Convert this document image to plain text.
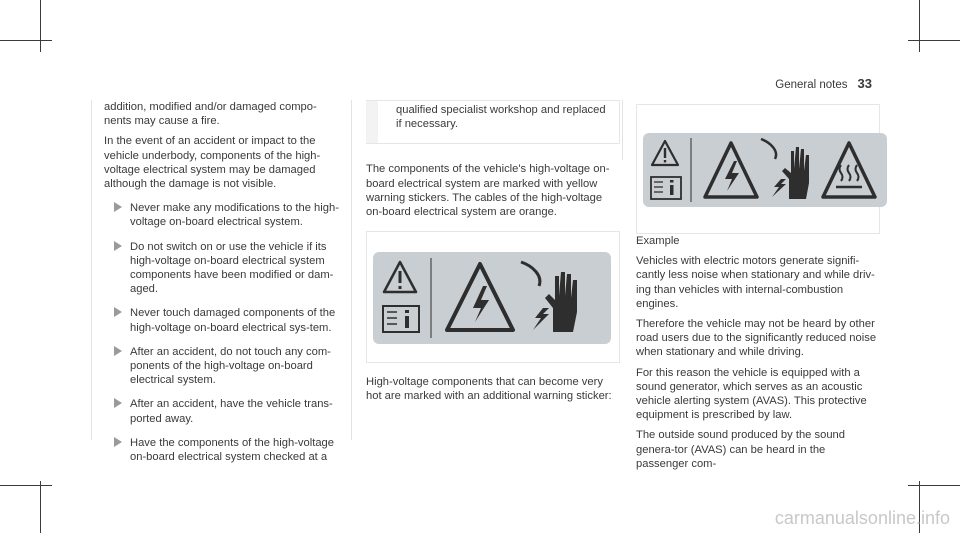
General notes 33

addition, modified and/or damaged compo-nents may cause a fire.

In the event of an accident or impact to the vehicle underbody, components of the high-voltage electrical system may be damaged although the damage is not visible.

Never make any modifications to the high-voltage on-board electrical system.
Do not switch on or use the vehicle if its high-voltage on-board electrical system components have been modified or dam-aged.
Never touch damaged components of the high-voltage on-board electrical sys-tem.
After an accident, do not touch any com-ponents of the high-voltage on-board electrical system.
After an accident, have the vehicle trans-ported away.
Have the components of the high-voltage on-board electrical system checked at a
qualified specialist workshop and replaced if necessary.

The components of the vehicle's high-voltage on-board electrical system are marked with yellow warning stickers. The cables of the high-voltage on-board electrical system are orange.

High-voltage components that can become very hot are marked with an additional warning sticker:

Example

Vehicles with electric motors generate signifi-cantly less noise when stationary and while driv-ing than vehicles with internal-combustion engines.

Therefore the vehicle may not be heard by other road users due to the significantly reduced noise when stationary and while driving.

For this reason the vehicle is equipped with a sound generator, which serves as an acoustic vehicle alerting system (AVAS). This protective equipment is prescribed by law.

The outside sound produced by the sound genera-tor (AVAS) can be heard in the passenger com-

carmanualsonline.info
